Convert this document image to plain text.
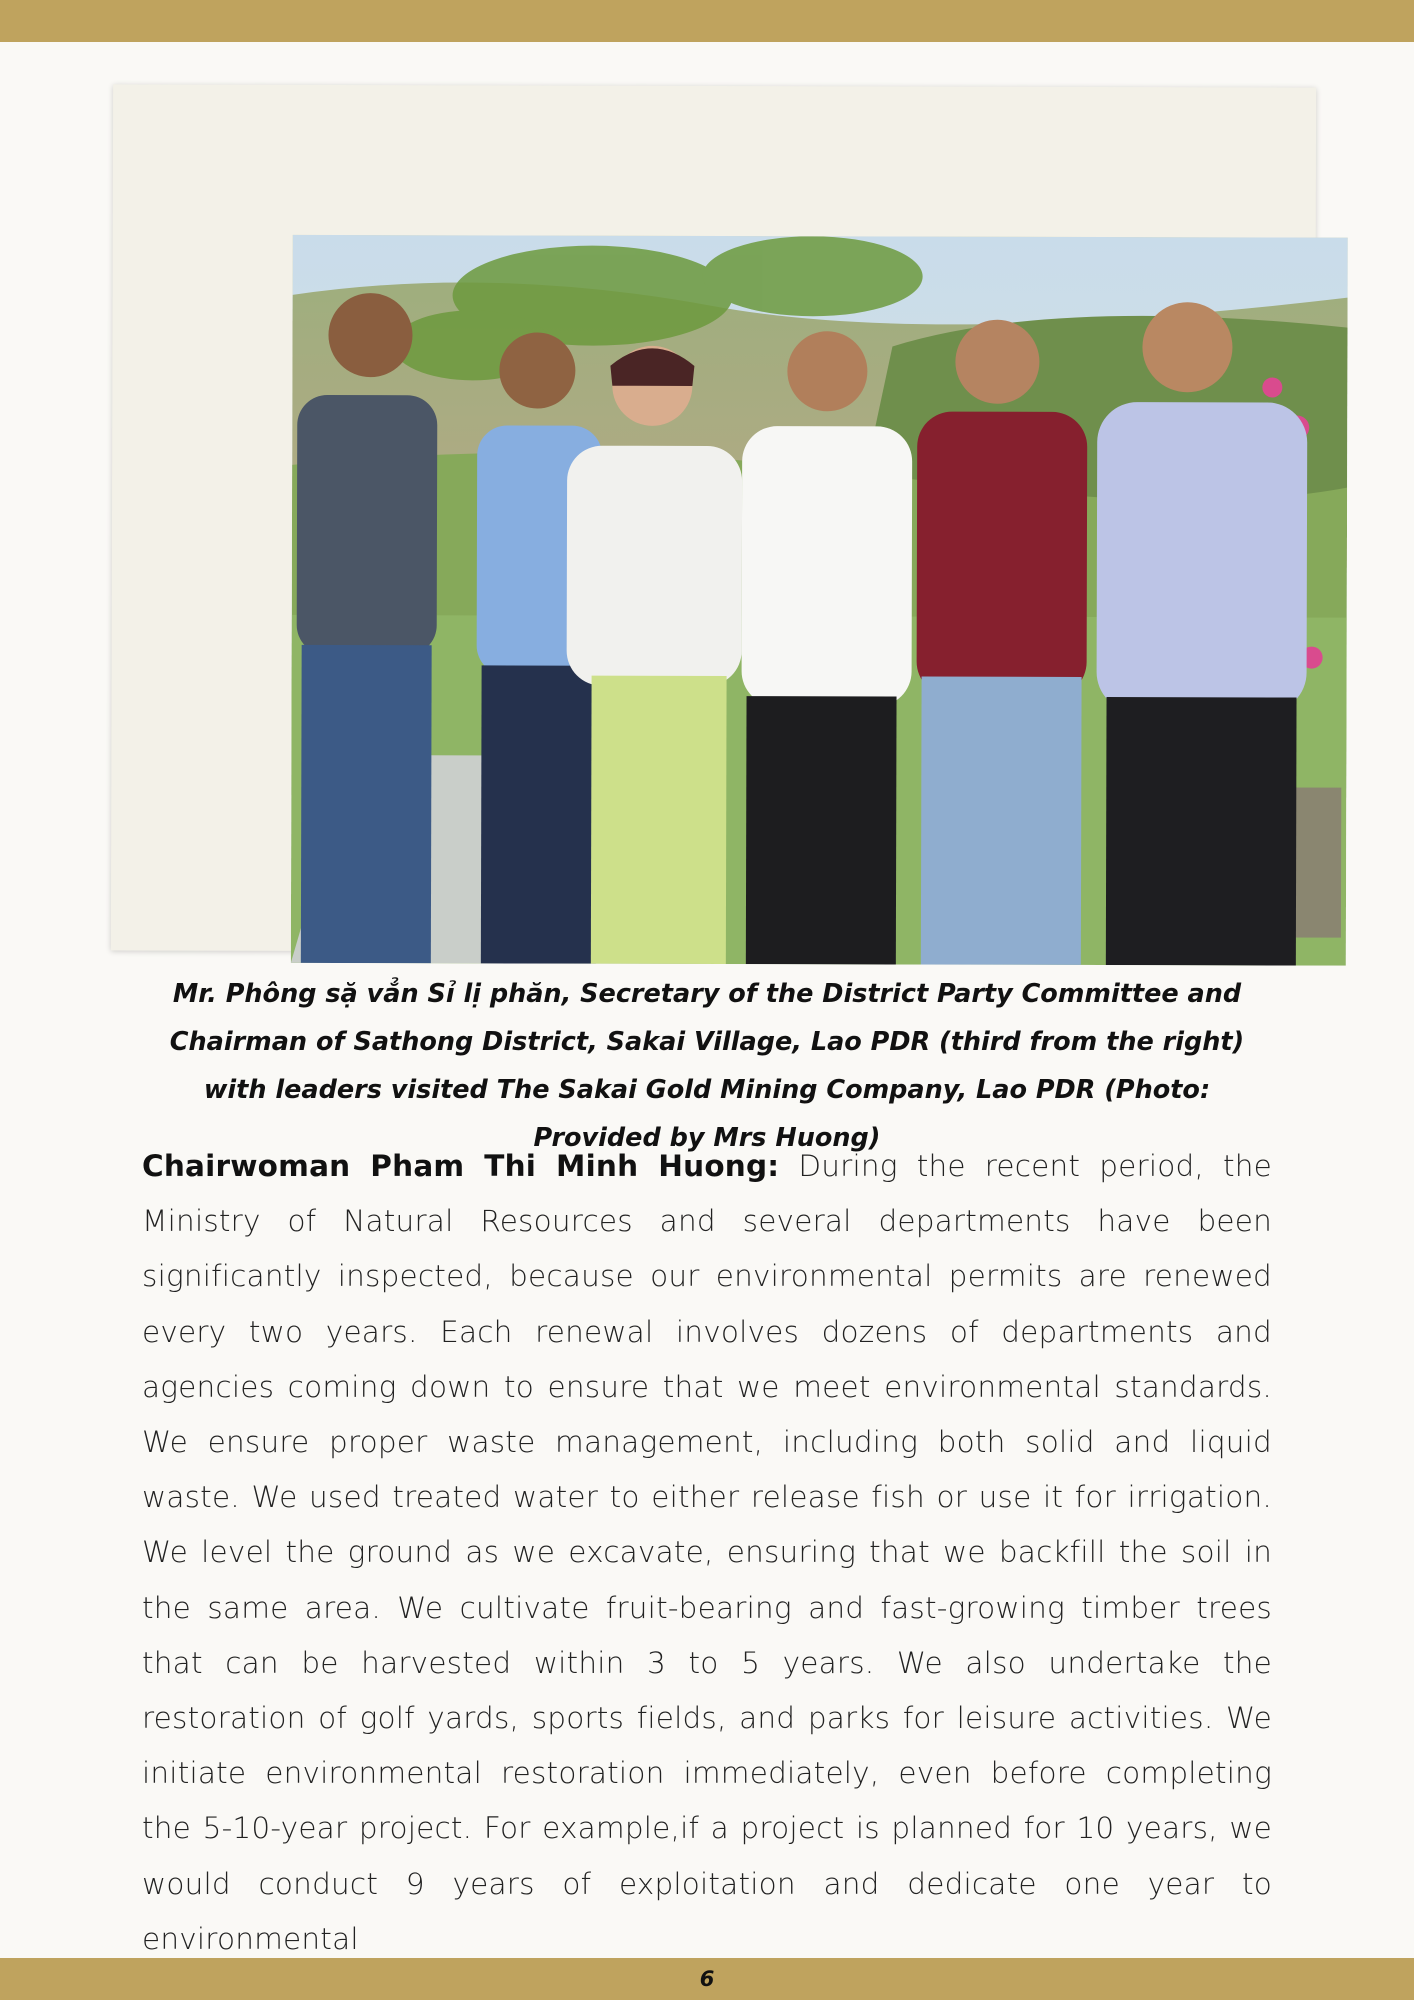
Mr. Phông sặ vẳn Sỉ lị phăn, Secretary of the District Party Committee and Chairman of Sathong District, Sakai Village, Lao PDR (third from the right) with leaders visited The Sakai Gold Mining Company, Lao PDR (Photo: Provided by Mrs Huong)

Chairwoman Pham Thi Minh Huong: During the recent period, the Ministry of Natural Resources and several departments have been significantly inspected, because our environmental permits are renewed every two years. Each renewal involves dozens of departments and agencies coming down to ensure that we meet environmental standards. We ensure proper waste management, including both solid and liquid waste. We used treated water to either release fish or use it for irrigation. We level the ground as we excavate, ensuring that we backfill the soil in the same area. We cultivate fruit-bearing and fast-growing timber trees that can be harvested within 3 to 5 years. We also undertake the restoration of golf yards, sports fields, and parks for leisure activities. We initiate environmental restoration immediately, even before completing the 5-10-year project. For example,if a project is planned for 10 years, we would conduct 9 years of exploitation and dedicate one year to environmental

6
